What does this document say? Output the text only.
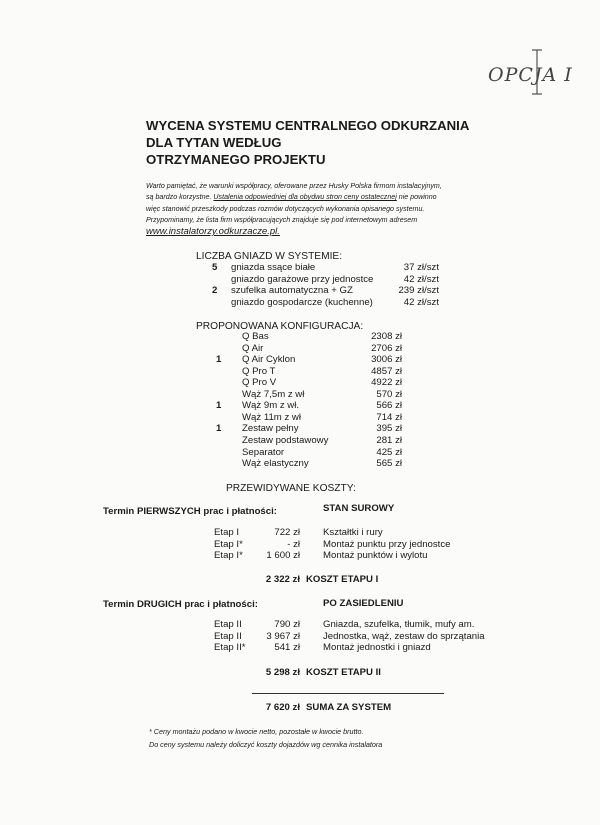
OPCJA I
WYCENA SYSTEMU CENTRALNEGO ODKURZANIA
DLA TYTAN WEDŁUG
OTRZYMANEGO PROJEKTU
Warto pamiętać, że warunki współpracy, oferowane przez Husky Polska firmom instalacyjnym,
są bardzo korzystne. Ustalenia odpowiedniej dla obydwu stron ceny ostatecznej nie powinno
więc stanowić przeszkody podczas rozmów dotyczących wykonania opisanego systemu.
Przypominamy, że lista firm współpracujących znajduje się pod internetowym adresem
www.instalatorzy.odkurzacze.pl.
LICZBA GNIAZD W SYSTEMIE:
5 gniazda ssące białe	37 zł/szt
gniazdo garażowe przy jednostce	42 zł/szt
2 szufelka automatyczna + GZ	239 zł/szt
gniazdo gospodarcze (kuchenne)	42 zł/szt
PROPONOWANA KONFIGURACJA:
Q Bas	2308 zł
Q Air	2706 zł
1 Q Air Cyklon	3006 zł
Q Pro T	4857 zł
Q Pro V	4922 zł
Wąż 7,5m z wł	570 zł
1 Wąż 9m z wł.	566 zł
Wąż 11m z wł	714 zł
1 Zestaw pełny	395 zł
Zestaw podstawowy	281 zł
Separator	425 zł
Wąż elastyczny	565 zł
PRZEWIDYWANE KOSZTY:
Termin PIERWSZYCH prac i płatności:	STAN SUROWY
Etap I	722 zł Kształtki i rury
Etap I*	- zł Montaż punktu przy jednostce
Etap I*	1 600 zł Montaż punktów i wylotu
2 322 zł KOSZT ETAPU I
Termin DRUGICH prac i płatności:	PO ZASIEDLENIU
Etap II	790 zł Gniazda, szufelka, tłumik, mufy am.
Etap II	3 967 zł Jednostka, wąż, zestaw do sprzątania
Etap II*	541 zł Montaż jednostki i gniazd
5 298 zł KOSZT ETAPU II
7 620 zł SUMA ZA SYSTEM
* Ceny montażu podano w kwocie netto, pozostałe w kwocie brutto.
Do ceny systemu należy doliczyć koszty dojazdów wg cennika instalatora
